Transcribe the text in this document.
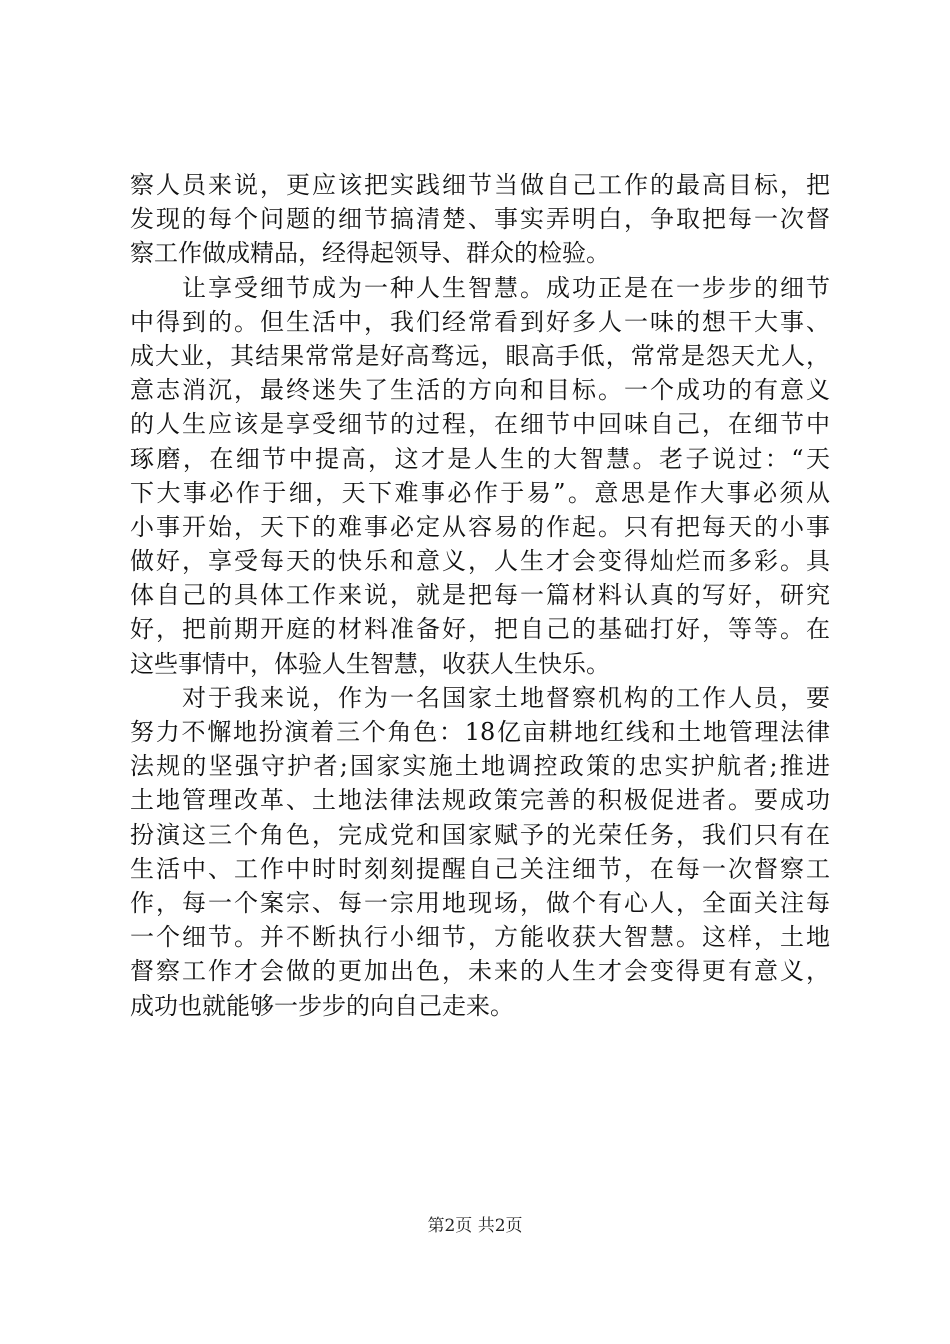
察人员来说，更应该把实践细节当做自己工作的最高目标，把
发现的每个问题的细节搞清楚、事实弄明白，争取把每一次督
察工作做成精品，经得起领导、群众的检验。
　　让享受细节成为一种人生智慧。成功正是在一步步的细节
中得到的。但生活中，我们经常看到好多人一味的想干大事、
成大业，其结果常常是好高骛远，眼高手低，常常是怨天尤人，
意志消沉，最终迷失了生活的方向和目标。一个成功的有意义
的人生应该是享受细节的过程，在细节中回味自己，在细节中
琢磨，在细节中提高，这才是人生的大智慧。老子说过：“天
下大事必作于细，天下难事必作于易”。意思是作大事必须从
小事开始，天下的难事必定从容易的作起。只有把每天的小事
做好，享受每天的快乐和意义，人生才会变得灿烂而多彩。具
体自己的具体工作来说，就是把每一篇材料认真的写好，研究
好，把前期开庭的材料准备好，把自己的基础打好，等等。在
这些事情中，体验人生智慧，收获人生快乐。
　　对于我来说，作为一名国家土地督察机构的工作人员，要
努力不懈地扮演着三个角色：18亿亩耕地红线和土地管理法律
法规的坚强守护者;国家实施土地调控政策的忠实护航者;推进
土地管理改革、土地法律法规政策完善的积极促进者。要成功
扮演这三个角色，完成党和国家赋予的光荣任务，我们只有在
生活中、工作中时时刻刻提醒自己关注细节，在每一次督察工
作，每一个案宗、每一宗用地现场，做个有心人，全面关注每
一个细节。并不断执行小细节，方能收获大智慧。这样，土地
督察工作才会做的更加出色，未来的人生才会变得更有意义，
成功也就能够一步步的向自己走来。
第2页 共2页
